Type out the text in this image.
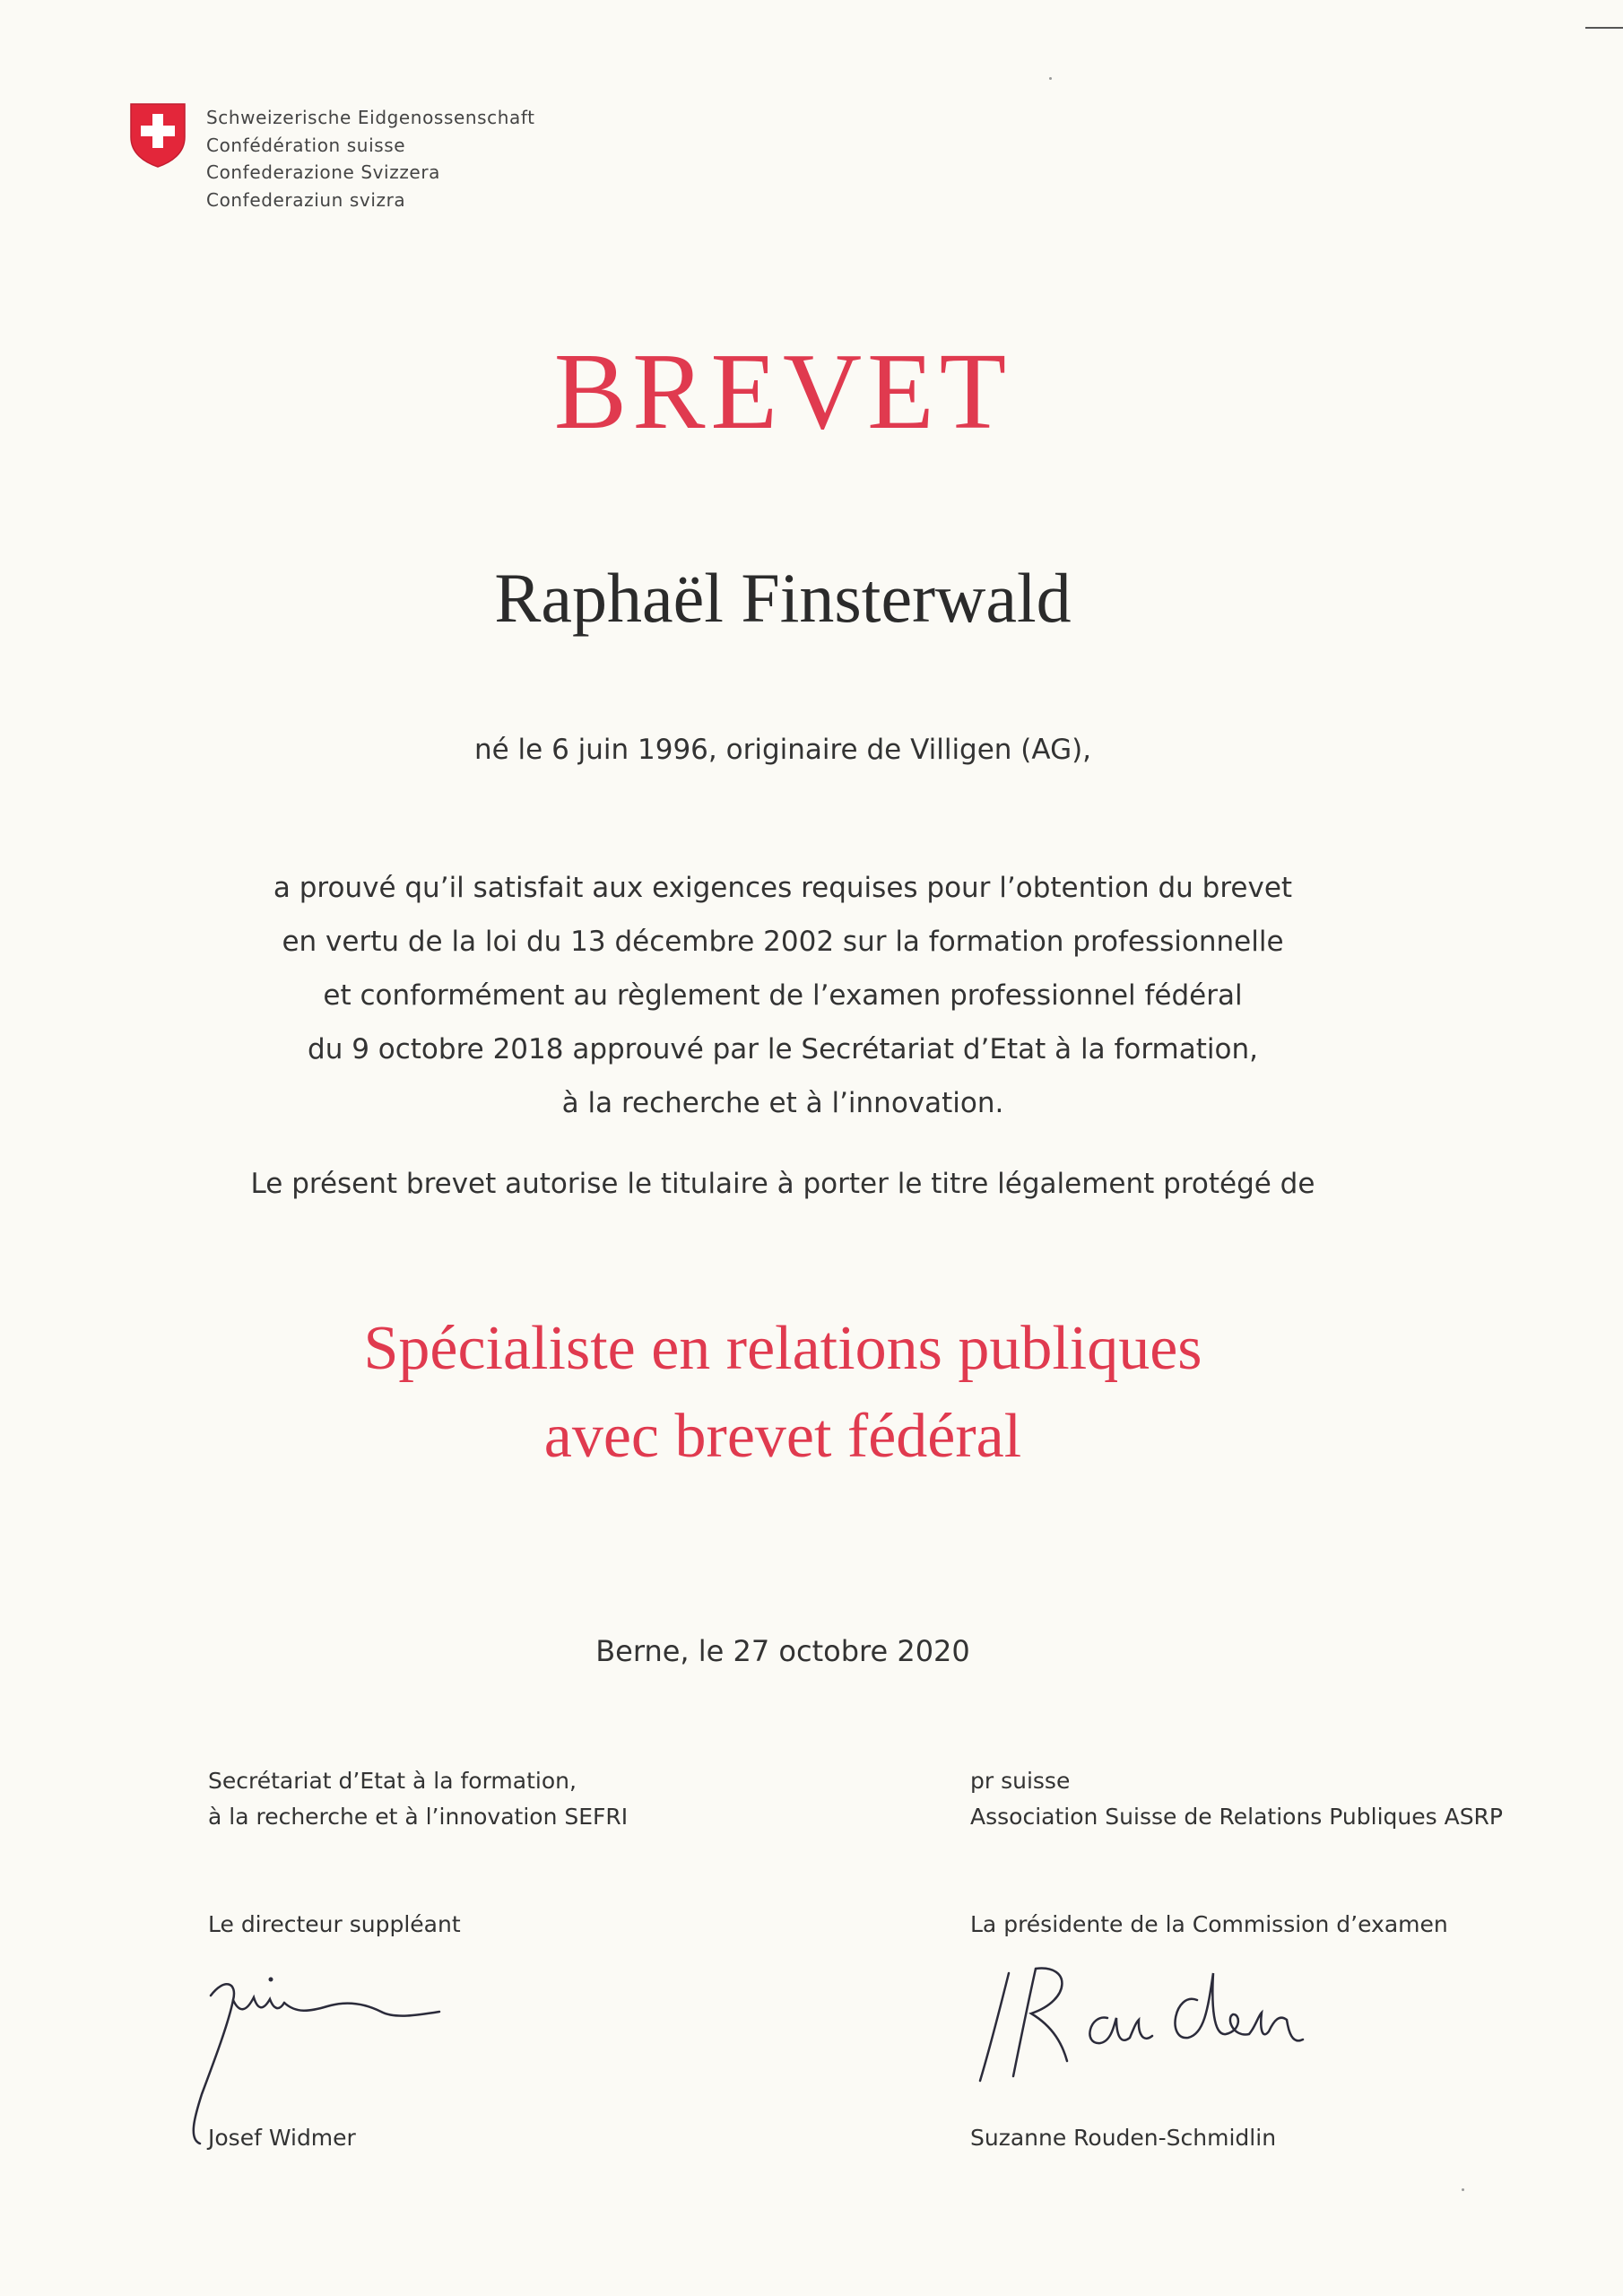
Schweizerische Eidgenossenschaft
Confédération suisse
Confederazione Svizzera
Confederaziun svizra
BREVET
Raphaël Finsterwald
né le 6 juin 1996, originaire de Villigen (AG),
a prouvé qu’il satisfait aux exigences requises pour l’obtention du brevet
en vertu de la loi du 13 décembre 2002 sur la formation professionnelle
et conformément au règlement de l’examen professionnel fédéral
du 9 octobre 2018 approuvé par le Secrétariat d’Etat à la formation,
à la recherche et à l’innovation.
Le présent brevet autorise le titulaire à porter le titre légalement protégé de
Spécialiste en relations publiques
avec brevet fédéral
Berne, le 27 octobre 2020
Secrétariat d’Etat à la formation,
à la recherche et à l’innovation SEFRI
pr suisse
Association Suisse de Relations Publiques ASRP
Le directeur suppléant	La présidente de la Commission d’examen
Josef Widmer	Suzanne Rouden-Schmidlin
